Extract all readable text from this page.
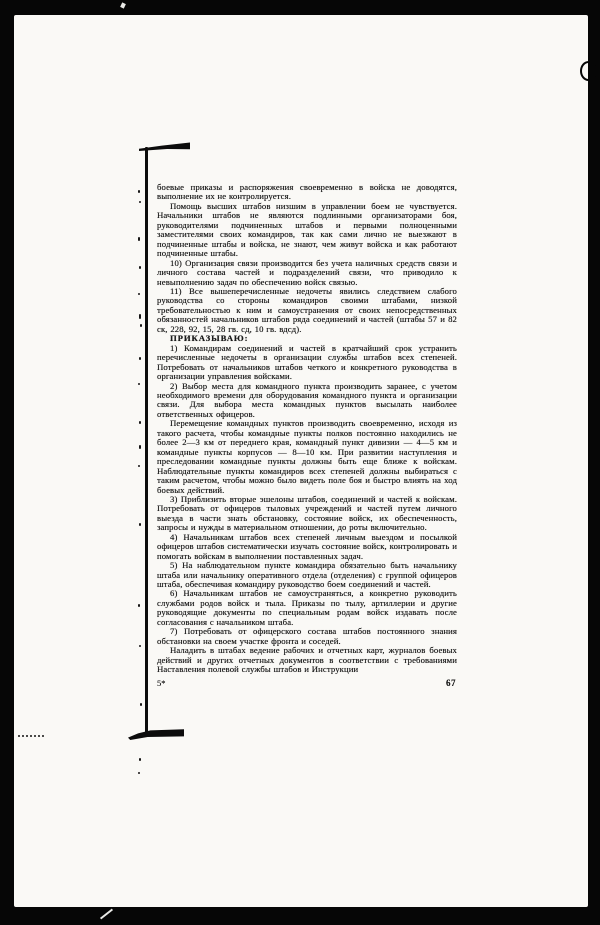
боевые приказы и распоряжения своевременно в войска не доводятся, выполнение их не контролируется.

Помощь высших штабов низшим в управлении боем не чувствуется. Начальники штабов не являются подлинными организаторами боя, руководителями подчиненных штабов и первыми полноценными заместителями своих командиров, так как сами лично не выезжают в подчиненные штабы и войска, не знают, чем живут войска и как работают подчиненные штабы.

10) Организация связи производится без учета наличных средств связи и личного состава частей и подразделений связи, что приводило к невыполнению задач по обеспечению войск связью.

11) Все вышеперечисленные недочеты явились следствием слабого руководства со стороны командиров своими штабами, низкой требовательностью к ним и самоустранения от своих непосредственных обязанностей начальников штабов ряда соединений и частей (штабы 57 и 82 ск, 228, 92, 15, 28 гв. сд, 10 гв. вдсд).

ПРИКАЗЫВАЮ:

1) Командирам соединений и частей в кратчайший срок устранить перечисленные недочеты в организации службы штабов всех степеней. Потребовать от начальников штабов четкого и конкретного руководства в организации управления войсками.

2) Выбор места для командного пункта производить заранее, с учетом необходимого времени для оборудования командного пункта и организации связи. Для выбора места командных пунктов высылать наиболее ответственных офицеров.

Перемещение командных пунктов производить своевременно, исходя из такого расчета, чтобы командные пункты полков постоянно находились не более 2—3 км от переднего края, командный пункт дивизии — 4—5 км и командные пункты корпусов — 8—10 км. При развитии наступления и преследовании командные пункты должны быть еще ближе к войскам. Наблюдательные пункты командиров всех степеней должны выбираться с таким расчетом, чтобы можно было видеть поле боя и быстро влиять на ход боевых действий.

3) Приблизить вторые эшелоны штабов, соединений и частей к войскам. Потребовать от офицеров тыловых учреждений и частей путем личного выезда в части знать обстановку, состояние войск, их обеспеченность, запросы и нужды в материальном отношении, до роты включительно.

4) Начальникам штабов всех степеней личным выездом и посылкой офицеров штабов систематически изучать состояние войск, контролировать и помогать войскам в выполнении поставленных задач.

5) На наблюдательном пункте командира обязательно быть начальнику штаба или начальнику оперативного отдела (отделения) с группой офицеров штаба, обеспечивая командиру руководство боем соединений и частей.

6) Начальникам штабов не самоустраняться, а конкретно руководить службами родов войск и тыла. Приказы по тылу, артиллерии и другие руководящие документы по специальным родам войск издавать после согласования с начальником штаба.

7) Потребовать от офицерского состава штабов постоянного знания обстановки на своем участке фронта и соседей.

Наладить в штабах ведение рабочих и отчетных карт, журналов боевых действий и других отчетных документов в соответствии с требованиями Наставления полевой службы штабов и Инструкции

5*	67
